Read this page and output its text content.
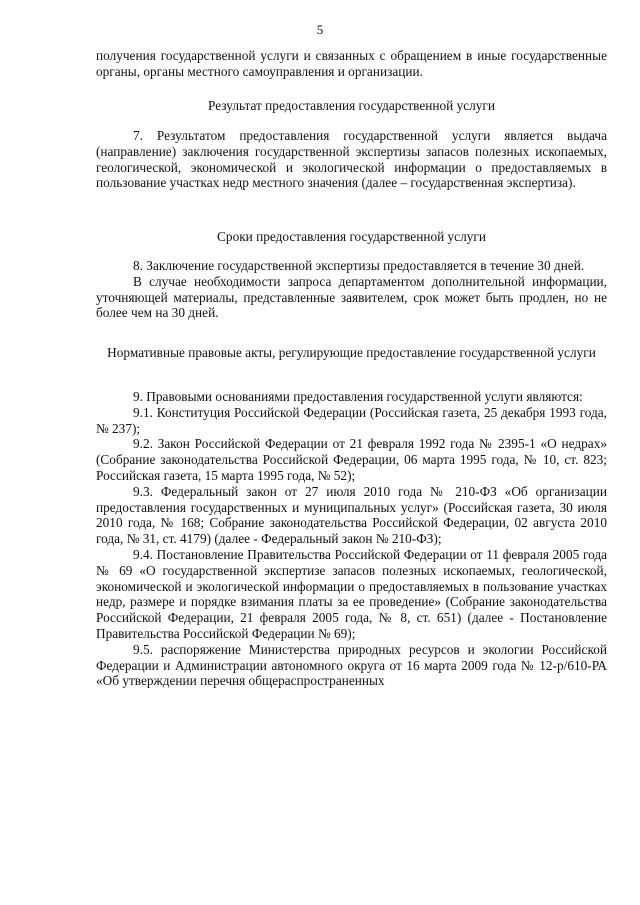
5

получения государственной услуги и связанных с обращением в иные государственные органы, органы местного самоуправления и организации.

Результат предоставления государственной услуги

7. Результатом предоставления государственной услуги является выдача (направление) заключения государственной экспертизы запасов полезных ископаемых, геологической, экономической и экологической информации о предоставляемых в пользование участках недр местного значения (далее – государственная экспертиза).

Сроки предоставления государственной услуги

8. Заключение государственной экспертизы предоставляется в течение 30 дней.

В случае необходимости запроса департаментом дополнительной информации, уточняющей материалы, представленные заявителем, срок может быть продлен, но не более чем на 30 дней.

Нормативные правовые акты, регулирующие предоставление государственной услуги

9. Правовыми основаниями предоставления государственной услуги являются:

9.1. Конституция Российской Федерации (Российская газета, 25 декабря 1993 года, № 237);

9.2. Закон Российской Федерации от 21 февраля 1992 года № 2395-1 «О недрах» (Собрание законодательства Российской Федерации, 06 марта 1995 года, № 10, ст. 823; Российская газета, 15 марта 1995 года, № 52);

9.3. Федеральный закон от 27 июля 2010 года № 210-ФЗ «Об организации предоставления государственных и муниципальных услуг» (Российская газета, 30 июля 2010 года, № 168; Собрание законодательства Российской Федерации, 02 августа 2010 года, № 31, ст. 4179) (далее - Федеральный закон № 210-ФЗ);

9.4. Постановление Правительства Российской Федерации от 11 февраля 2005 года № 69 «О государственной экспертизе запасов полезных ископаемых, геологической, экономической и экологической информации о предоставляемых в пользование участках недр, размере и порядке взимания платы за ее проведение» (Собрание законодательства Российской Федерации, 21 февраля 2005 года, № 8, ст. 651) (далее - Постановление Правительства Российской Федерации № 69);

9.5. распоряжение Министерства природных ресурсов и экологии Российской Федерации и Администрации автономного округа от 16 марта 2009 года № 12-р/610-РА «Об утверждении перечня общераспространенных
